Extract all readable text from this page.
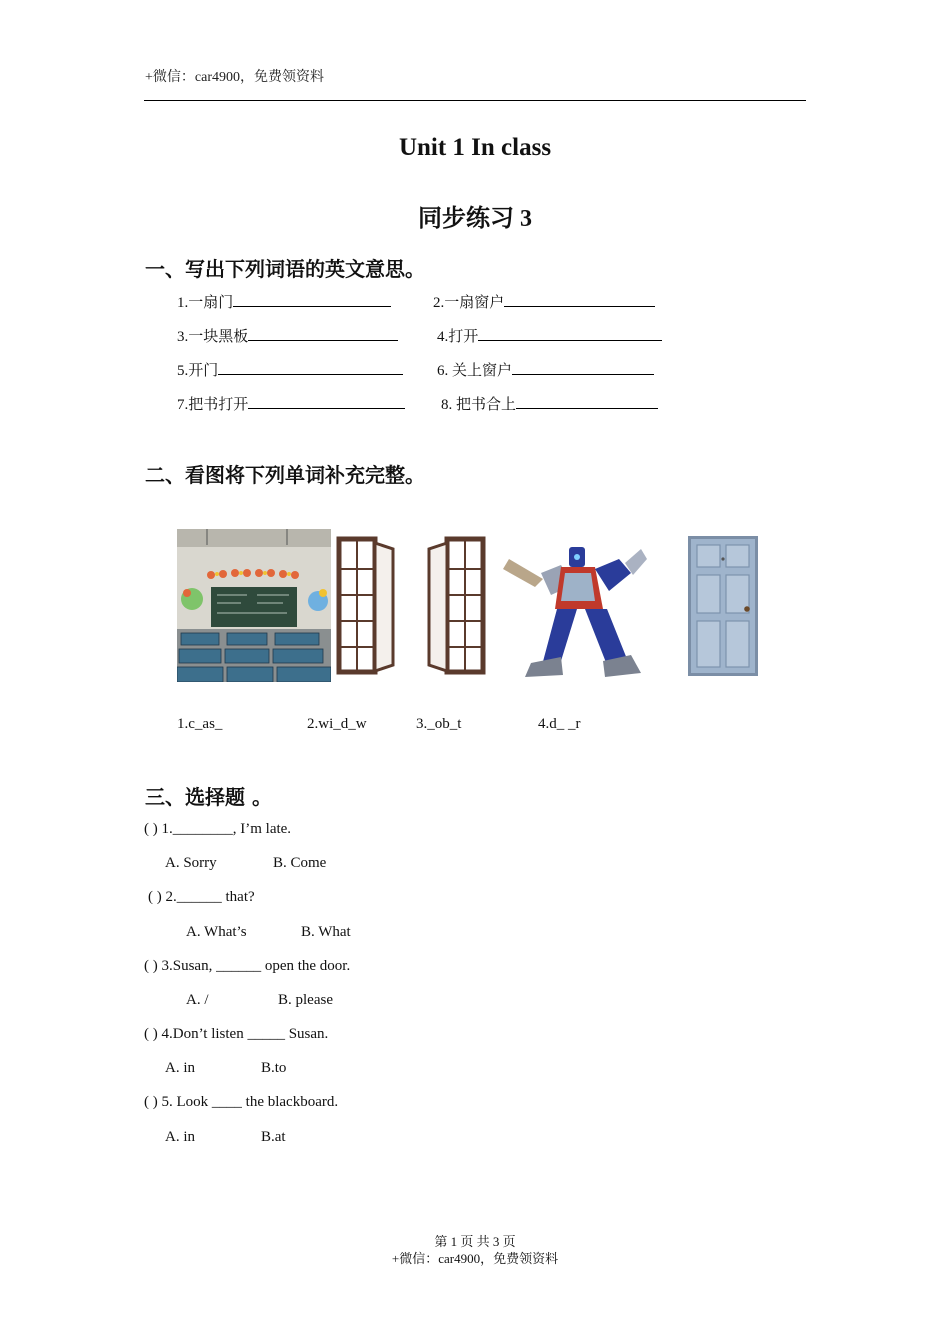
+微信：car4900，免费领资料
Unit 1 In class
同步练习 3
一、写出下列词语的英文意思。
1.一扇门	2.一扇窗户
3.一块黑板	4.打开
5.开门	6. 关上窗户
7.把书打开	8. 把书合上
二、看图将下列单词补充完整。
1.c_as_	2.wi_d_w	3._ob_t	4.d_ _r
三、选择题 。
( ) 1.________, I’m late.
A. Sorry	B. Come
( ) 2.______ that?
A. What’s	B. What
( ) 3.Susan, ______ open the door.
A. /	B. please
( ) 4.Don’t listen _____ Susan.
A. in	B.to
( ) 5. Look ____ the blackboard.
A. in	B.at
第 1 页 共 3 页
+微信：car4900，免费领资料
